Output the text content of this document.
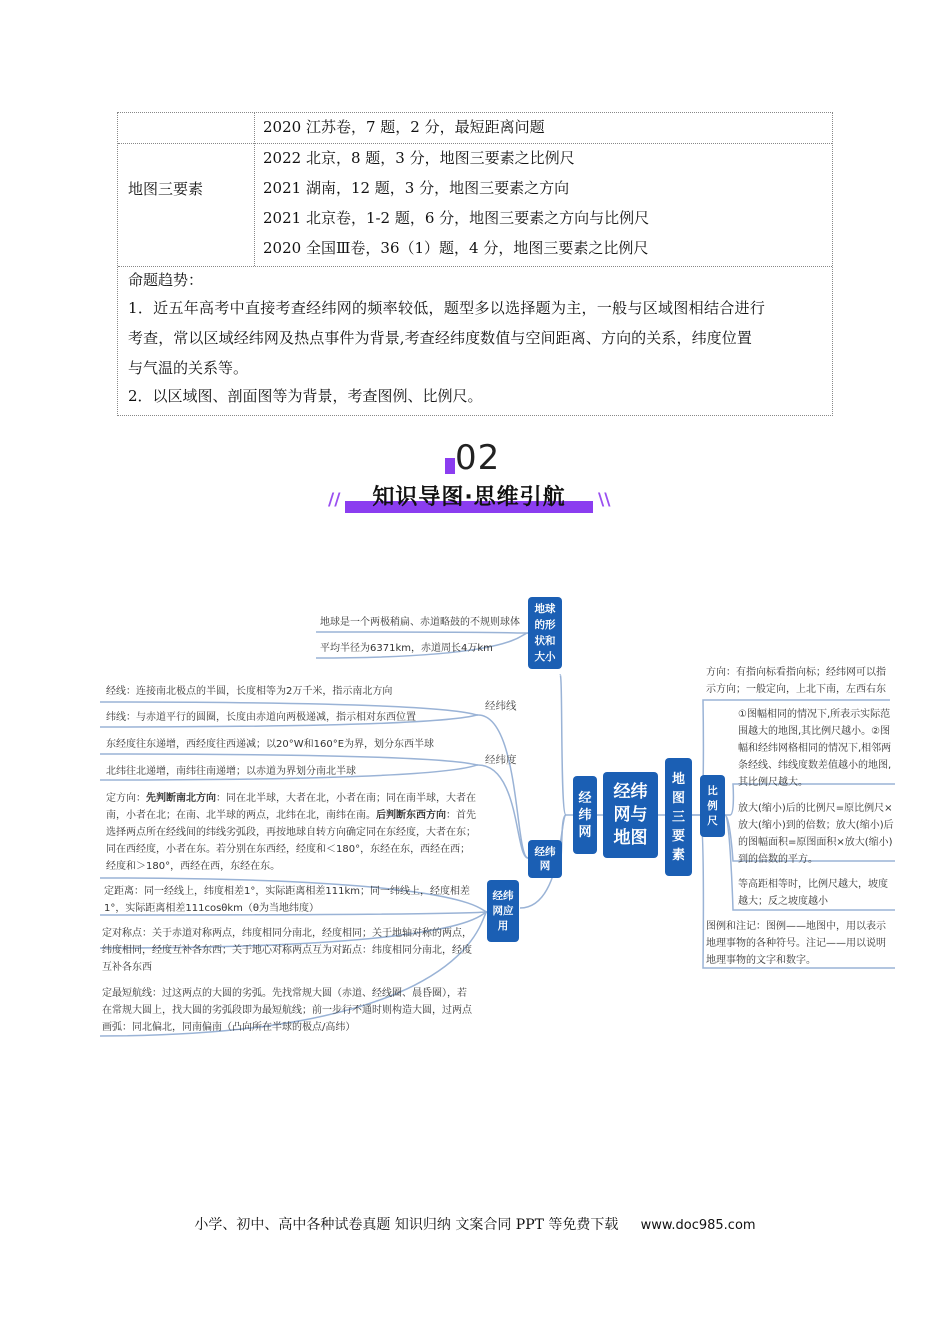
2020 江苏卷，7 题，2 分，最短距离问题
地图三要素
2022 北京，8 题，3 分，地图三要素之比例尺
2021 湖南，12 题，3 分，地图三要素之方向
2021 北京卷，1-2 题，6 分，地图三要素之方向与比例尺
2020 全国Ⅲ卷，36（1）题，4 分，地图三要素之比例尺
命题趋势：
1．近五年高考中直接考查经纬网的频率较低，题型多以选择题为主，一般与区域图相结合进行
考查，常以区域经纬网及热点事件为背景,考查经纬度数值与空间距离、方向的关系，纬度位置
与气温的关系等。
2．以区域图、剖面图等为背景，考查图例、比例尺。
02
知识导图·思维引航
//	\\
经纬网与地图
经纬网
地图三要素
地球的形状和大小
经纬网
经纬网应用
比例尺
经纬线
经纬度
地球是一个两极稍扁、赤道略鼓的不规则球体
平均半径为6371km，赤道周长4万km
经线：连接南北极点的半圆，长度相等为2万千米，指示南北方向
纬线：与赤道平行的圆圈，长度由赤道向两极递减，指示相对东西位置
东经度往东递增，西经度往西递减；以20°W和160°E为界，划分东西半球
北纬往北递增，南纬往南递增；以赤道为界划分南北半球
定方向：先判断南北方向：同在北半球，大者在北，小者在南；同在南半球，大者在南，小者在北；在南、北半球的两点，北纬在北，南纬在南。后判断东西方向：首先选择两点所在经线间的纬线劣弧段，再按地球自转方向确定同在东经度，大者在东；同在西经度，小者在东。若分别在东西经，经度和＜180°，东经在东，西经在西；经度和＞180°，西经在西，东经在东。
定距离：同一经线上，纬度相差1°，实际距离相差111km；同一纬线上，经度相差1°，实际距离相差111cosθkm（θ为当地纬度）
定对称点：关于赤道对称两点，纬度相同分南北，经度相同；关于地轴对称的两点，纬度相同，经度互补各东西；关于地心对称两点互为对跖点：纬度相同分南北，经度互补各东西
定最短航线：过这两点的大圆的劣弧。先找常规大圆（赤道、经线圈、晨昏圈），若在常规大圆上，找大圆的劣弧段即为最短航线；前一步行不通时则构造大圆，过两点画弧：同北偏北，同南偏南（凸向所在半球的极点/高纬）
方向：有指向标看指向标；经纬网可以指示方向；一般定向，上北下南，左西右东
①图幅相同的情况下,所表示实际范围越大的地图,其比例尺越小。②图幅和经纬网格相同的情况下,相邻两条经线、纬线度数差值越小的地图,其比例尺越大。
放大(缩小)后的比例尺=原比例尺×放大(缩小)到的倍数；放大(缩小)后的图幅面积=原图面积×放大(缩小)到的倍数的平方。
等高距相等时，比例尺越大，坡度越大；反之坡度越小
图例和注记：图例——地图中，用以表示地理事物的各种符号。注记——用以说明地理事物的文字和数字。
小学、初中、高中各种试卷真题 知识归纳 文案合同 PPT 等免费下载 www.doc985.com
